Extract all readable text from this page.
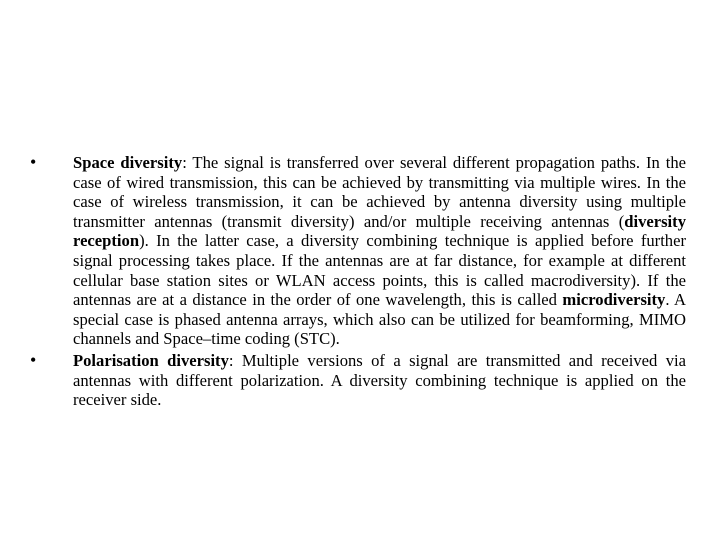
•	Space diversity: The signal is transferred over several different propagation paths. In the case of wired transmission, this can be achieved by transmitting via multiple wires. In the case of wireless transmission, it can be achieved by antenna diversity using multiple transmitter antennas (transmit diversity) and/or multiple receiving antennas (diversity reception). In the latter case, a diversity combining technique is applied before further signal processing takes place. If the antennas are at far distance, for example at different cellular base station sites or WLAN access points, this is called macrodiversity). If the antennas are at a distance in the order of one wavelength, this is called microdiversity. A special case is phased antenna arrays, which also can be utilized for beamforming, MIMO channels and Space–time coding (STC).
•	Polarisation diversity: Multiple versions of a signal are transmitted and received via antennas with different polarization. A diversity combining technique is applied on the receiver side.
